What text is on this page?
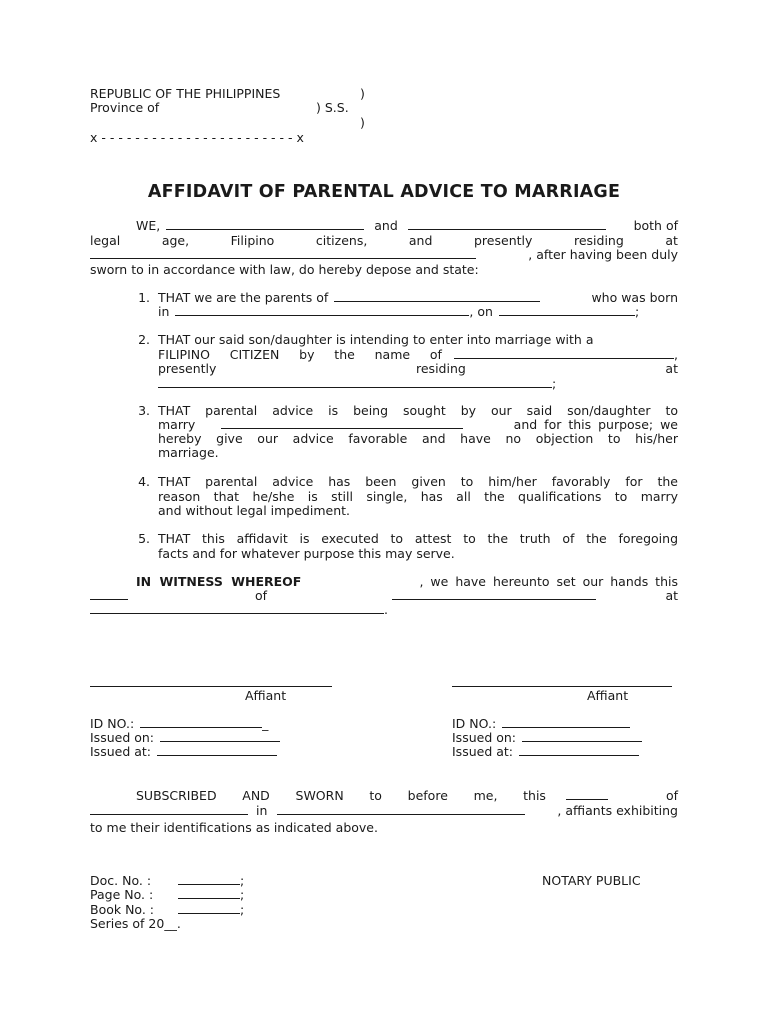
REPUBLIC OF THE PHILIPPINES	)
Province of	) S.S.
)
x - - - - - - - - - - - - - - - - - - - - - - - x
AFFIDAVIT OF PARENTAL ADVICE TO MARRIAGE
WE,	and	both of
legal	age,	Filipino	citizens,	and	presently	residing	at
, after having been duly
sworn to in accordance with law, do hereby depose and state:
1. THAT we are the parents of	who was born
in	, on	;
2. THAT our said son/daughter is intending to enter into marriage with a
FILIPINO CITIZEN by the name of	,
presently	residing	at
;
3. THAT parental advice is being sought by our said son/daughter to
marry	and for this purpose; we
hereby give our advice favorable and have no objection to his/her
marriage.
4. THAT parental advice has been given to him/her favorably for the
reason that he/she is still single, has all the qualifications to marry
and without legal impediment.
5. THAT this affidavit is executed to attest to the truth of the foregoing
facts and for whatever purpose this may serve.
IN WITNESS WHEREOF	, we have hereunto set our hands this
of	at
.
Affiant	Affiant
ID NO.:	_
Issued on:
Issued at:
ID NO.:
Issued on:
Issued at:
SUBSCRIBED AND SWORN to before me, this	of
in	, affiants exhibiting
to me their identifications as indicated above.
Doc. No. :	;
Page No. :	;
Book No. :	;
Series of 20__.
NOTARY PUBLIC
